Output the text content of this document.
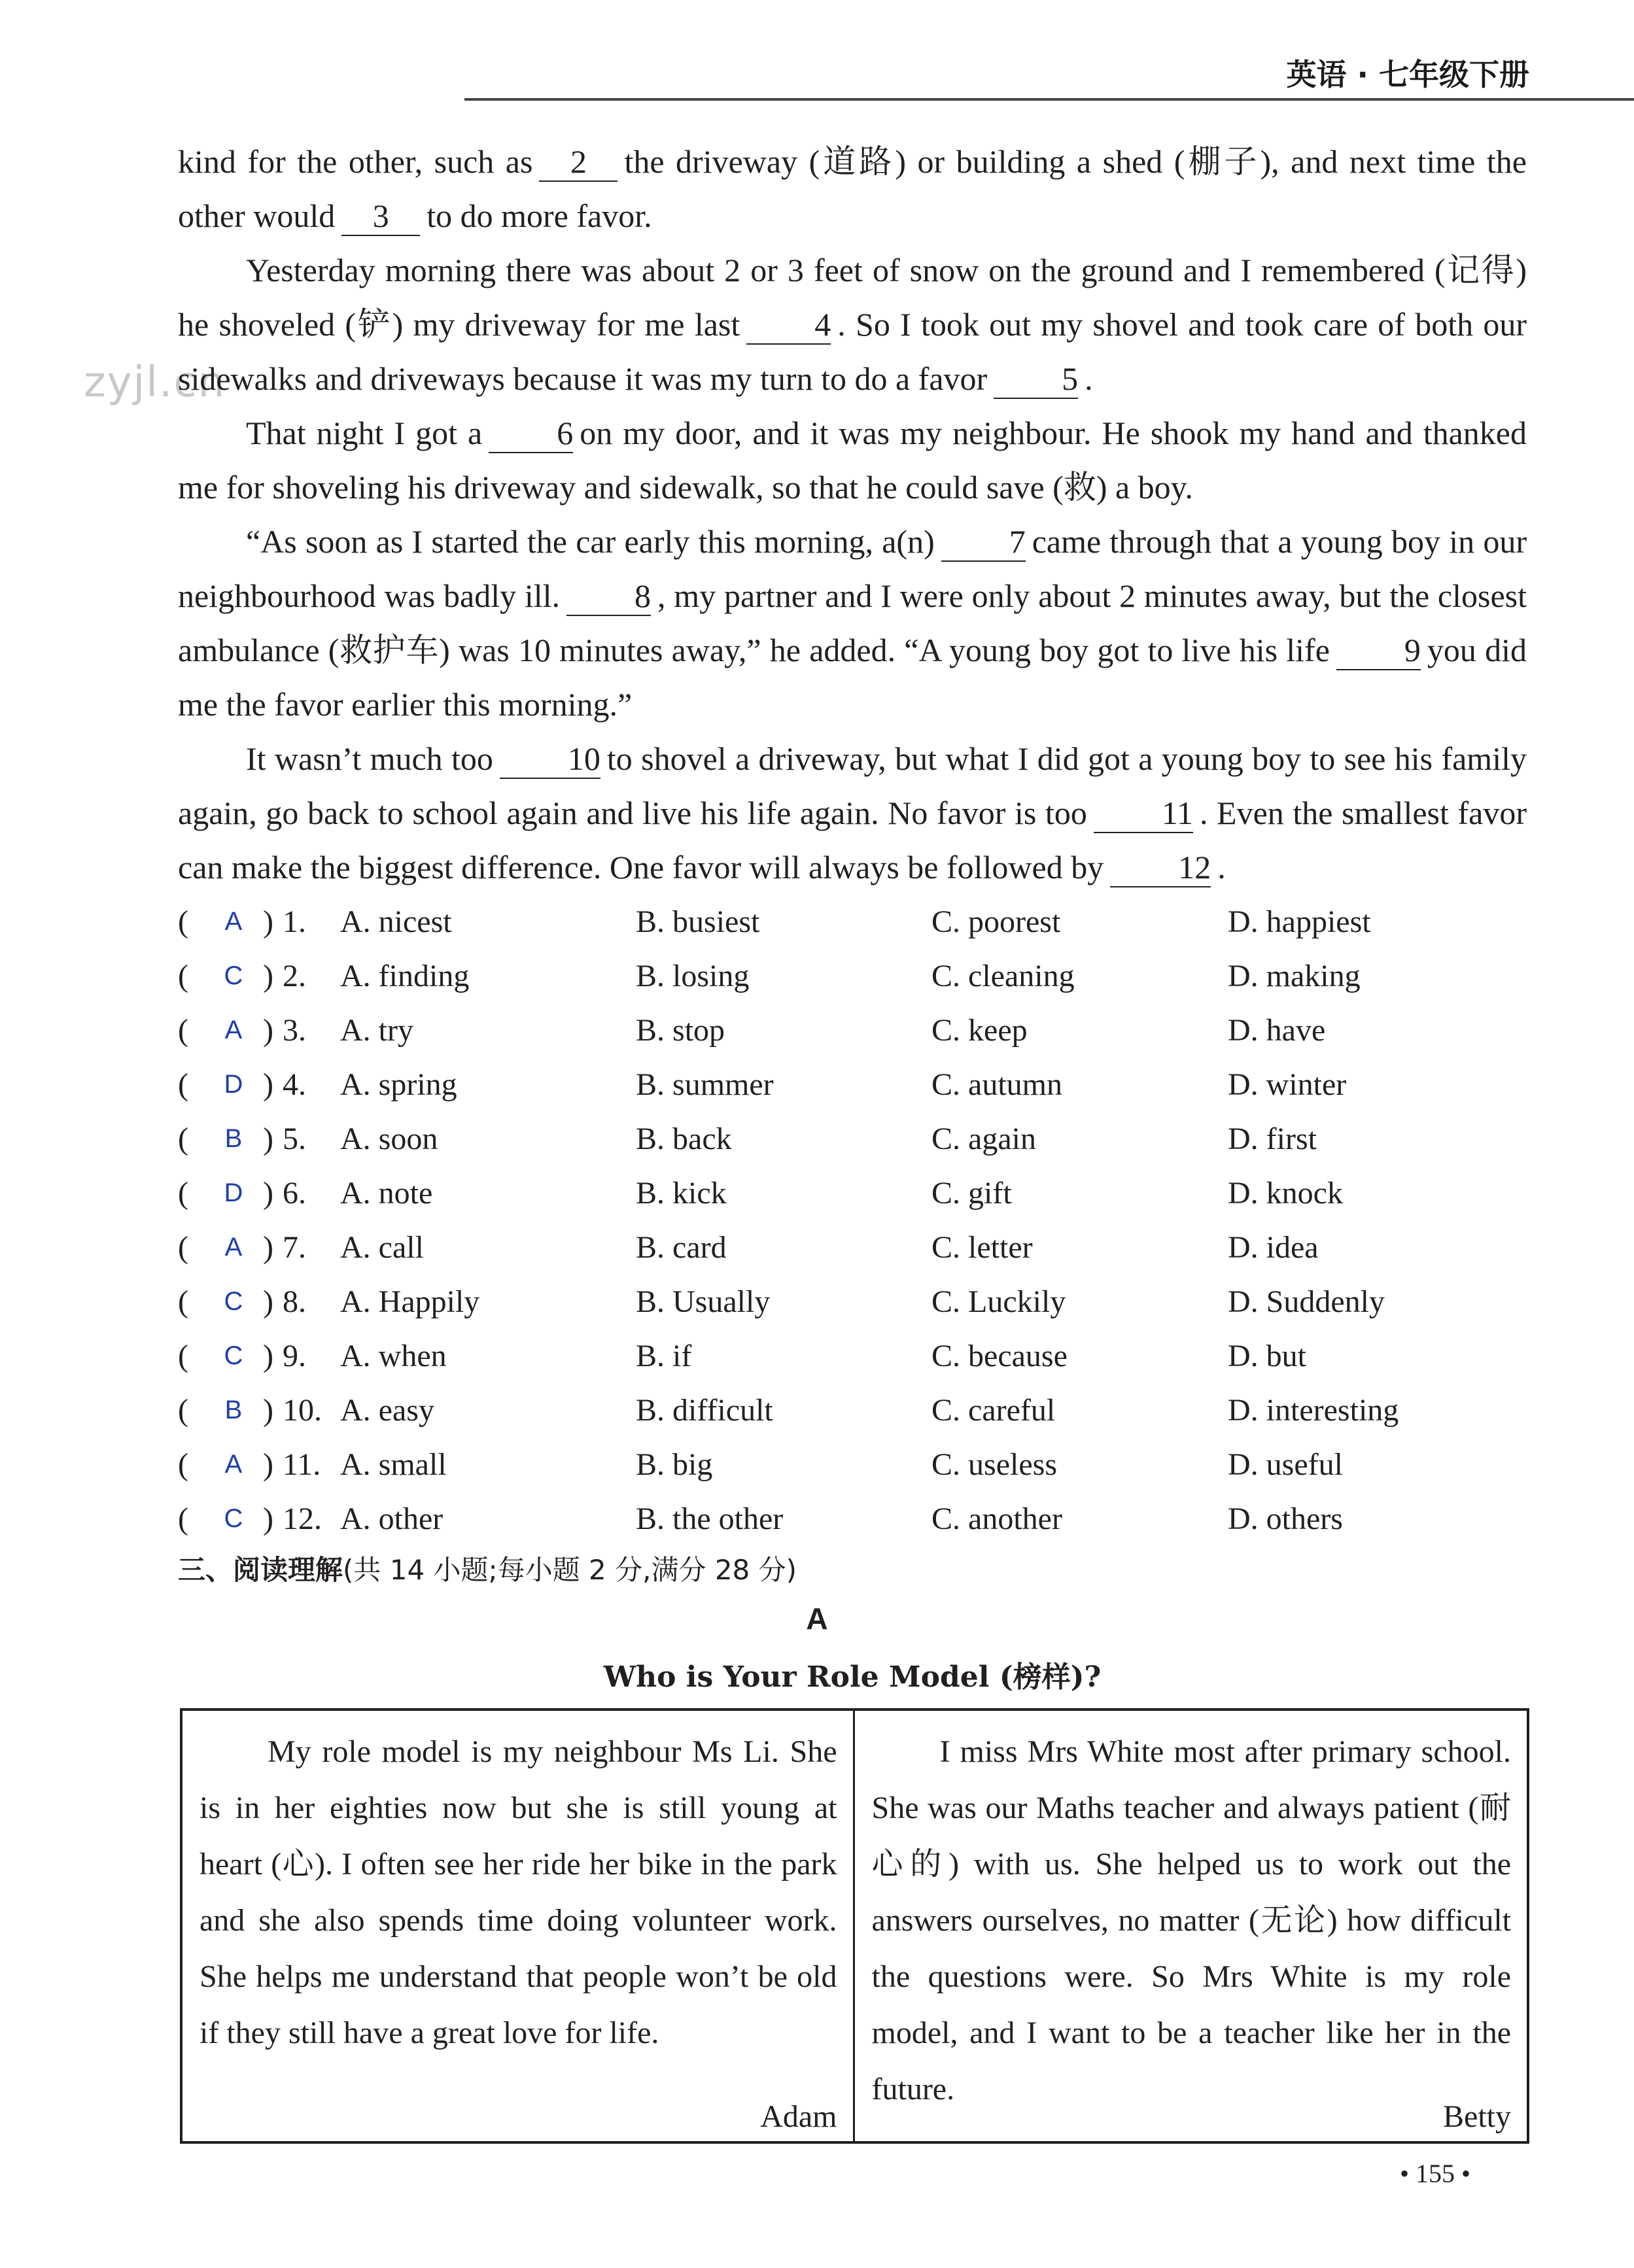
英语 · 七年级下册
zyjl.cn

kind for the other, such as 2 the driveway (道路) or building a shed (棚子), and next time the other would 3 to do more favor.

Yesterday morning there was about 2 or 3 feet of snow on the ground and I remembered (记得) he shoveled (铲) my driveway for me last 4 . So I took out my shovel and took care of both our sidewalks and driveways because it was my turn to do a favor 5 .

That night I got a 6 on my door, and it was my neighbour. He shook my hand and thanked me for shoveling his driveway and sidewalk, so that he could save (救) a boy.

“As soon as I started the car early this morning, a(n) 7 came through that a young boy in our neighbourhood was badly ill. 8 , my partner and I were only about 2 minutes away, but the closest ambulance (救护车) was 10 minutes away,” he added. “A young boy got to live his life 9 you did me the favor earlier this morning.”

It wasn’t much too 10 to shovel a driveway, but what I did got a young boy to see his family again, go back to school again and live his life again. No favor is too 11 . Even the smallest favor can make the biggest difference. One favor will always be followed by 12 .

( A ) 1. A. nicest	B. busiest	C. poorest	D. happiest
( C ) 2. A. finding	B. losing	C. cleaning	D. making
( A ) 3. A. try	B. stop	C. keep	D. have
( D ) 4. A. spring	B. summer	C. autumn	D. winter
( B ) 5. A. soon	B. back	C. again	D. first
( D ) 6. A. note	B. kick	C. gift	D. knock
( A ) 7. A. call	B. card	C. letter	D. idea
( C ) 8. A. Happily	B. Usually	C. Luckily	D. Suddenly
( C ) 9. A. when	B. if	C. because	D. but
( B ) 10. A. easy	B. difficult	C. careful	D. interesting
( A ) 11. A. small	B. big	C. useless	D. useful
( C ) 12. A. other	B. the other	C. another	D. others
三、阅读理解(共 14 小题;每小题 2 分,满分 28 分)
A
Who is Your Role Model (榜样)?

My role model is my neighbour Ms Li. She is in her eighties now but she is still young at heart (心). I often see her ride her bike in the park and she also spends time doing volunteer work. She helps me understand that people won’t be old if they still have a great love for life.

Adam

I miss Mrs White most after primary school. She was our Maths teacher and always patient (耐心的) with us. She helped us to work out the answers ourselves, no matter (无论) how difficult the questions were. So Mrs White is my role model, and I want to be a teacher like her in the future.

Betty
• 155 •
